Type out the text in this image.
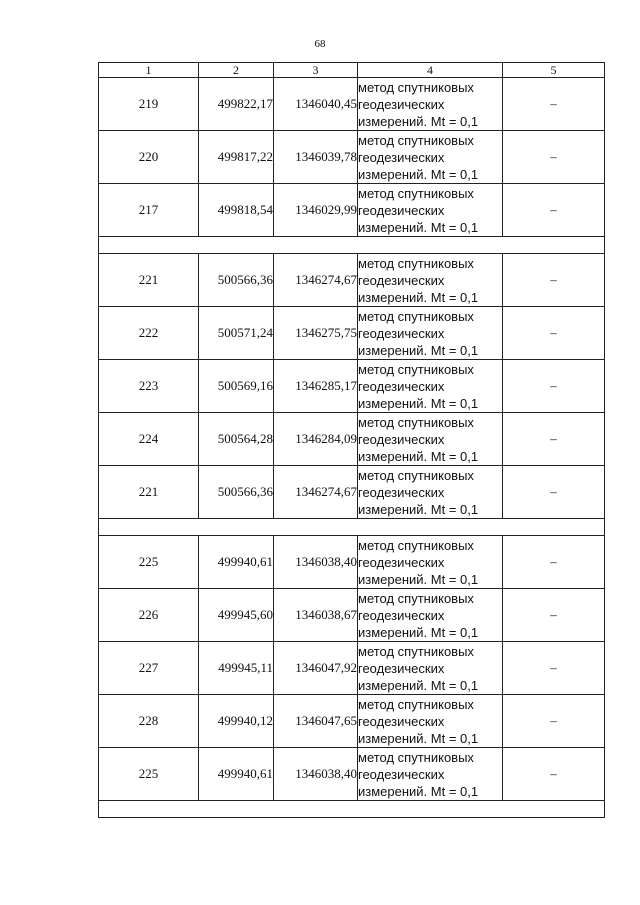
68
1	2	3	4	5
219	499822,17	1346040,45	метод спутниковых
геодезических
измерений. Mt = 0,1	–
220	499817,22	1346039,78	метод спутниковых
геодезических
измерений. Mt = 0,1	–
217	499818,54	1346029,99	метод спутниковых
геодезических
измерений. Mt = 0,1	–

221	500566,36	1346274,67	метод спутниковых
геодезических
измерений. Mt = 0,1	–
222	500571,24	1346275,75	метод спутниковых
геодезических
измерений. Mt = 0,1	–
223	500569,16	1346285,17	метод спутниковых
геодезических
измерений. Mt = 0,1	–
224	500564,28	1346284,09	метод спутниковых
геодезических
измерений. Mt = 0,1	–
221	500566,36	1346274,67	метод спутниковых
геодезических
измерений. Mt = 0,1	–

225	499940,61	1346038,40	метод спутниковых
геодезических
измерений. Mt = 0,1	–
226	499945,60	1346038,67	метод спутниковых
геодезических
измерений. Mt = 0,1	–
227	499945,11	1346047,92	метод спутниковых
геодезических
измерений. Mt = 0,1	–
228	499940,12	1346047,65	метод спутниковых
геодезических
измерений. Mt = 0,1	–
225	499940,61	1346038,40	метод спутниковых
геодезических
измерений. Mt = 0,1	–
